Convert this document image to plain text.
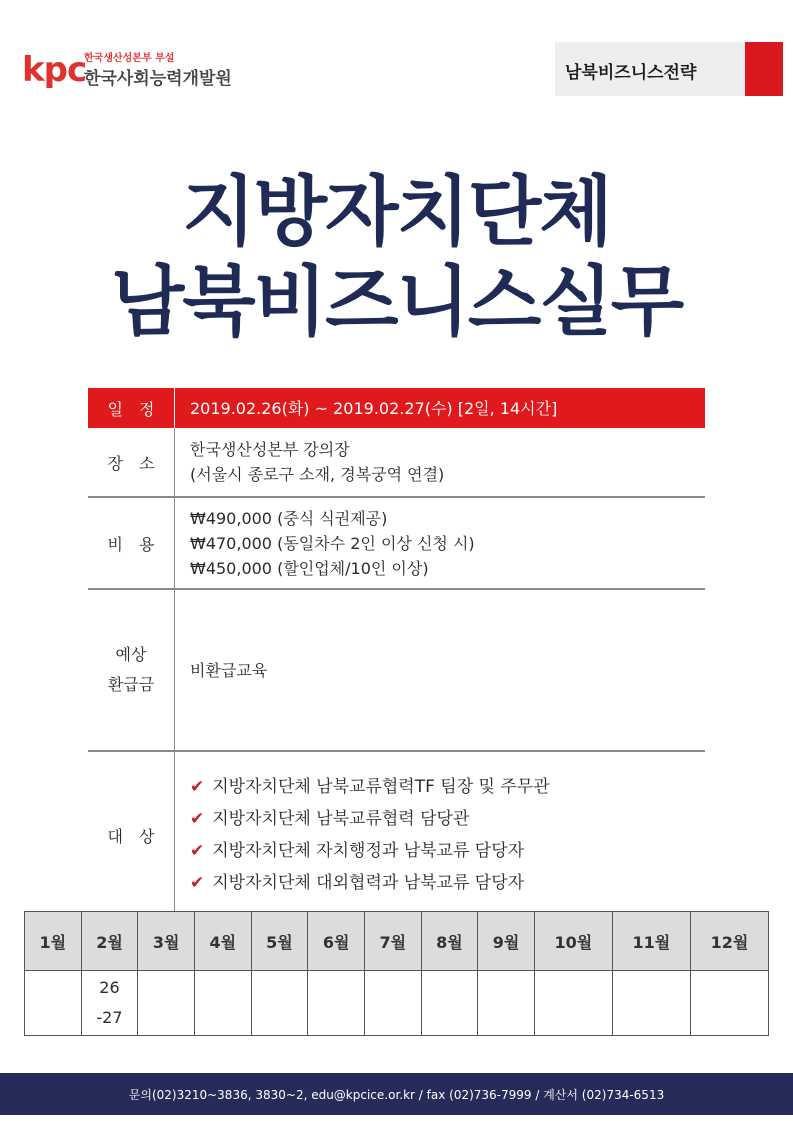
kpc
한국생산성본부 부설
한국사회능력개발원	남북비즈니스전략
지방자치단체
남북비즈니스실무
일　정	2019.02.26(화) ~ 2019.02.27(수) [2일, 14시간]
장　소	한국생산성본부 강의장
(서울시 종로구 소재, 경복궁역 연결)

비　용	₩490,000 (중식 식권제공)
₩470,000 (동일차수 2인 이상 신청 시)
₩450,000 (할인업체/10인 이상)

예상
환급금	비환급교육
대　상	✔ 지방자치단체 남북교류협력TF 팀장 및 주무관
✔ 지방자치단체 남북교류협력 담당관
✔ 지방자치단체 자치행정과 남북교류 담당자
✔ 지방자치단체 대외협력과 남북교류 담당자
1월	2월	3월	4월	5월	6월	7월	8월	9월	10월	11월	12월

	26
-27										

문의(02)3210~3836, 3830~2, edu@kpcice.or.kr / fax (02)736-7999 / 계산서 (02)734-6513
